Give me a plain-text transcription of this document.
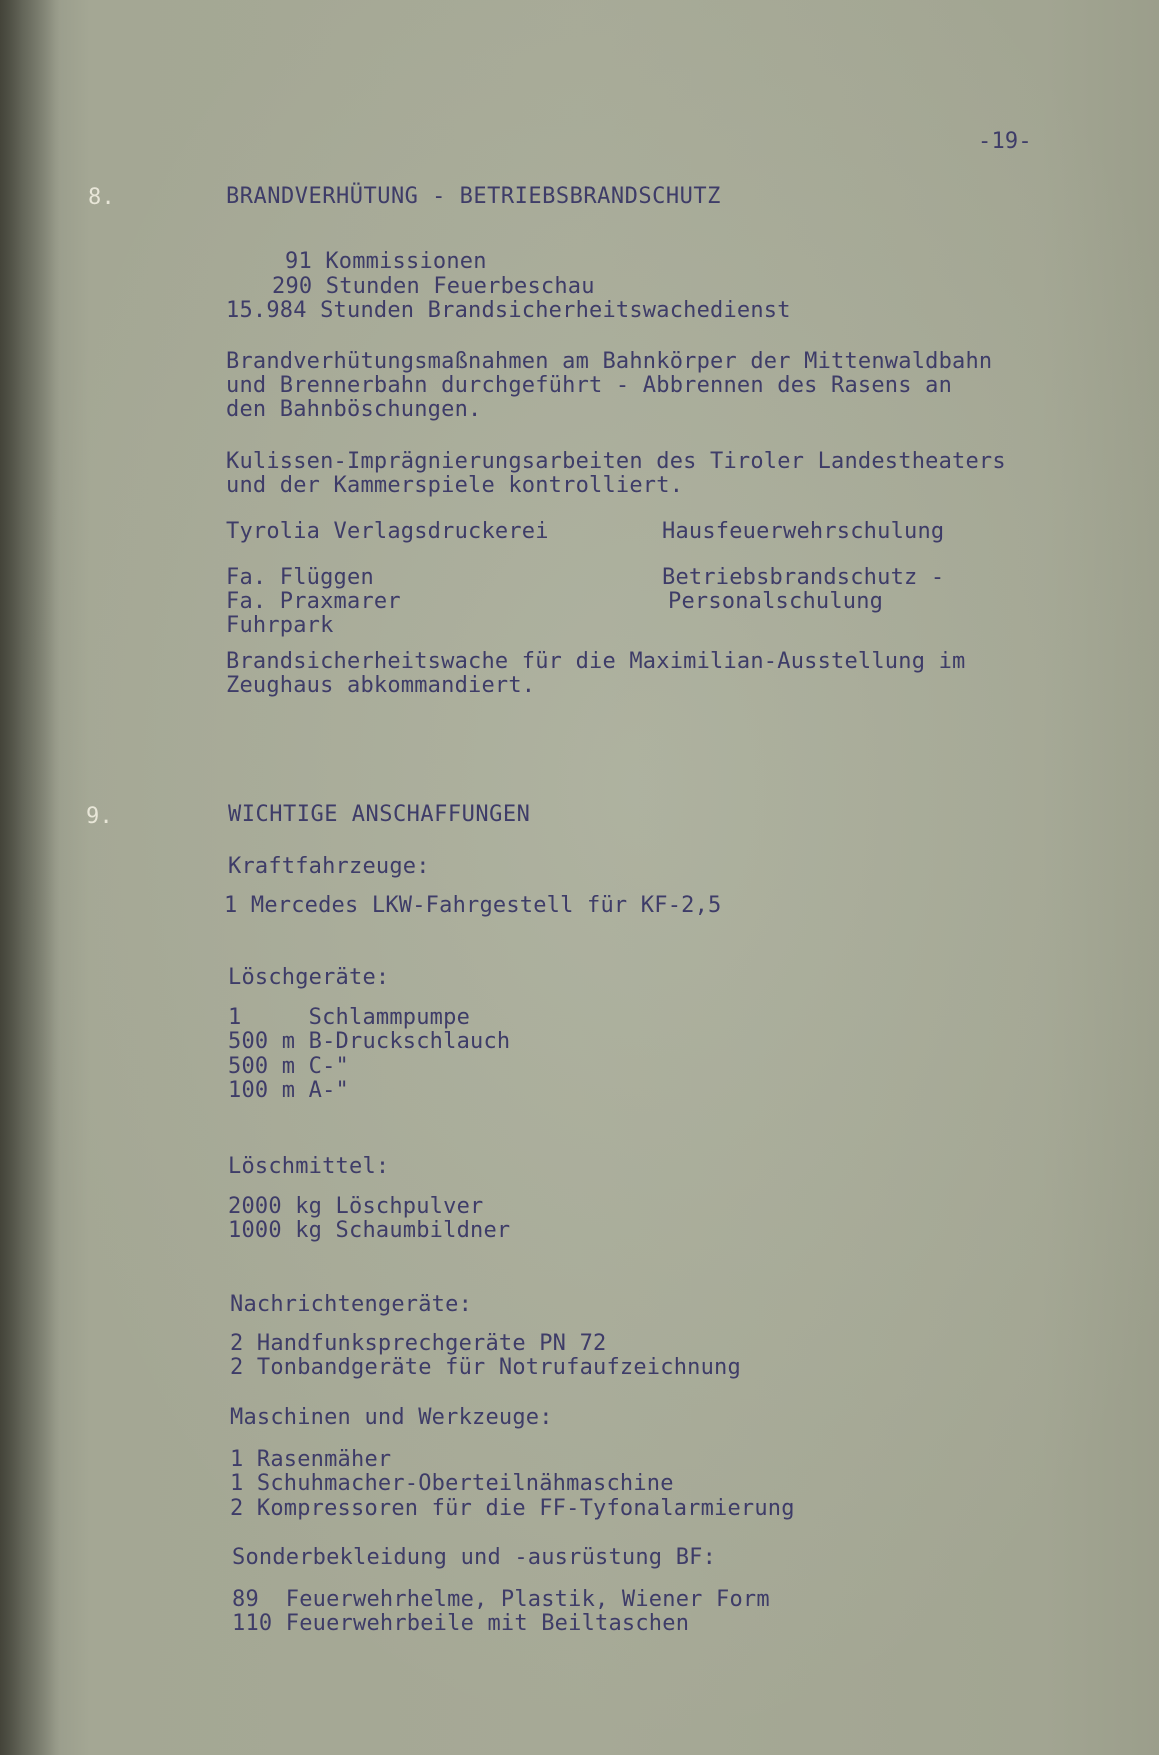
-19-
8.	BRANDVERHÜTUNG - BETRIEBSBRANDSCHUTZ
91 Kommissionen
290 Stunden Feuerbeschau
15.984 Stunden Brandsicherheitswachedienst
Brandverhütungsmaßnahmen am Bahnkörper der Mittenwaldbahn
und Brennerbahn durchgeführt - Abbrennen des Rasens an
den Bahnböschungen.
Kulissen-Imprägnierungsarbeiten des Tiroler Landestheaters
und der Kammerspiele kontrolliert.
Tyrolia Verlagsdruckerei
Fa. Flüggen
Fa. Praxmarer
Fuhrpark
Hausfeuerwehrschulung
Betriebsbrandschutz -
Personalschulung
Brandsicherheitswache für die Maximilian-Ausstellung im
Zeughaus abkommandiert.
9.	WICHTIGE ANSCHAFFUNGEN
Kraftfahrzeuge:
1 Mercedes LKW-Fahrgestell für KF-2,5
Löschgeräte:
1     Schlammpumpe
500 m B-Druckschlauch
500 m C-"
100 m A-"
Löschmittel:
2000 kg Löschpulver
1000 kg Schaumbildner
Nachrichtengeräte:
2 Handfunksprechgeräte PN 72
2 Tonbandgeräte für Notrufaufzeichnung
Maschinen und Werkzeuge:
1 Rasenmäher
1 Schuhmacher-Oberteilnähmaschine
2 Kompressoren für die FF-Tyfonalarmierung
Sonderbekleidung und -ausrüstung BF:
89  Feuerwehrhelme, Plastik, Wiener Form
110 Feuerwehrbeile mit Beiltaschen
